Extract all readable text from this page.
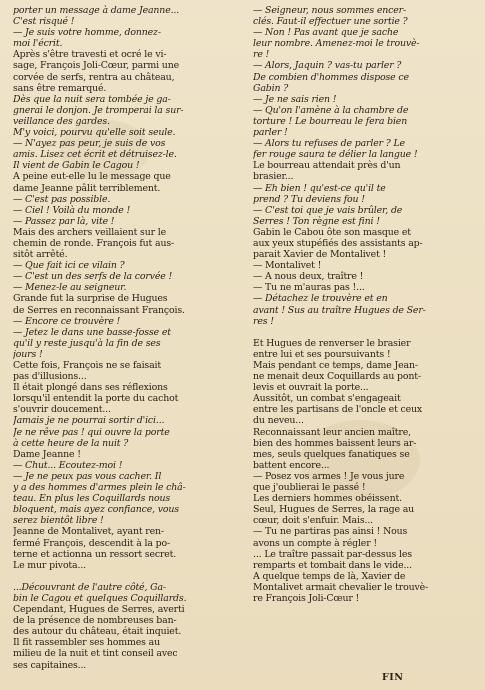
porter un message à dame Jeanne...
C'est risqué !
— Je suis votre homme, donnez-
moi l'écrit.
Après s'être travesti et ocré le vi-
sage, François Joli-Cœur, parmi une
corvée de serfs, rentra au château,
sans être remarqué.
Dès que la nuit sera tombée je ga-
gnerai le donjon. Je tromperai la sur-
veillance des gardes.
M'y voici, pourvu qu'elle soit seule.
— N'ayez pas peur, je suis de vos
amis. Lisez cet écrit et détruisez-le.
Il vient de Gabin le Cagou !
A peine eut-elle lu le message que
dame Jeanne pâlit terriblement.
— C'est pas possible.
— Ciel ! Voilà du monde !
— Passez par là, vite !
Mais des archers veillaient sur le
chemin de ronde. François fut aus-
sitôt arrêté.
— Que fait ici ce vilain ?
— C'est un des serfs de la corvée !
— Menez-le au seigneur.
Grande fut la surprise de Hugues
de Serres en reconnaissant François.
— Encore ce trouvère !
— Jetez le dans une basse-fosse et
qu'il y reste jusqu'à la fin de ses
jours !
Cette fois, François ne se faisait
pas d'illusions...
Il était plongé dans ses réflexions
lorsqu'il entendit la porte du cachot
s'ouvrir doucement...
Jamais je ne pourrai sortir d'ici...
Je ne rêve pas ! qui ouvre la porte
à cette heure de la nuit ?
Dame Jeanne !
— Chut... Ecoutez-moi !
— Je ne peux pas vous cacher. Il
y a des hommes d'armes plein le châ-
teau. En plus les Coquillards nous
bloquent, mais ayez confiance, vous
serez bientôt libre !
Jeanne de Montalivet, ayant ren-
fermé François, descendit à la po-
terne et actionna un ressort secret.
Le mur pivota...
...Découvrant de l'autre côté, Ga-
bin le Cagou et quelques Coquillards.
Cependant, Hugues de Serres, averti
de la présence de nombreuses ban-
des autour du château, était inquiet.
Il fit rassembler ses hommes au
milieu de la nuit et tint conseil avec
ses capitaines...
— Seigneur, nous sommes encer-
clés. Faut-il effectuer une sortie ?
— Non ! Pas avant que je sache
leur nombre. Amenez-moi le trouvè-
re !
— Alors, Jaquin ? vas-tu parler ?
De combien d'hommes dispose ce
Gabin ?
— Je ne sais rien !
— Qu'on l'amène à la chambre de
torture ! Le bourreau le fera bien
parler !
— Alors tu refuses de parler ? Le
fer rouge saura te délier la langue !
Le bourreau attendait près d'un
brasier...
— Eh bien ! qu'est-ce qu'il te
prend ? Tu deviens fou !
— C'est toi que je vais brûler, de
Serres ! Ton règne est fini !
Gabin le Cabou ôte son masque et
aux yeux stupéfiés des assistants ap-
parait Xavier de Montalivet !
— Montalivet !
— A nous deux, traître !
— Tu ne m'auras pas !...
— Détachez le trouvère et en
avant ! Sus au traître Hugues de Ser-
res !
Et Hugues de renverser le brasier
entre lui et ses poursuivants !
Mais pendant ce temps, dame Jean-
ne menait deux Coquillards au pont-
levis et ouvrait la porte...
Aussitôt, un combat s'engageait
entre les partisans de l'oncle et ceux
du neveu...
Reconnaissant leur ancien maître,
bien des hommes baissent leurs ar-
mes, seuls quelques fanatiques se
battent encore...
— Posez vos armes ! Je vous jure
que j'oublierai le passé !
Les derniers hommes obéissent.
Seul, Hugues de Serres, la rage au
cœur, doit s'enfuir. Mais...
— Tu ne partiras pas ainsi ! Nous
avons un compte à régler !
... Le traître passait par-dessus les
remparts et tombait dans le vide...
A quelque temps de là, Xavier de
Montalivet armait chevalier le trouvè-
re François Joli-Cœur !
FIN
